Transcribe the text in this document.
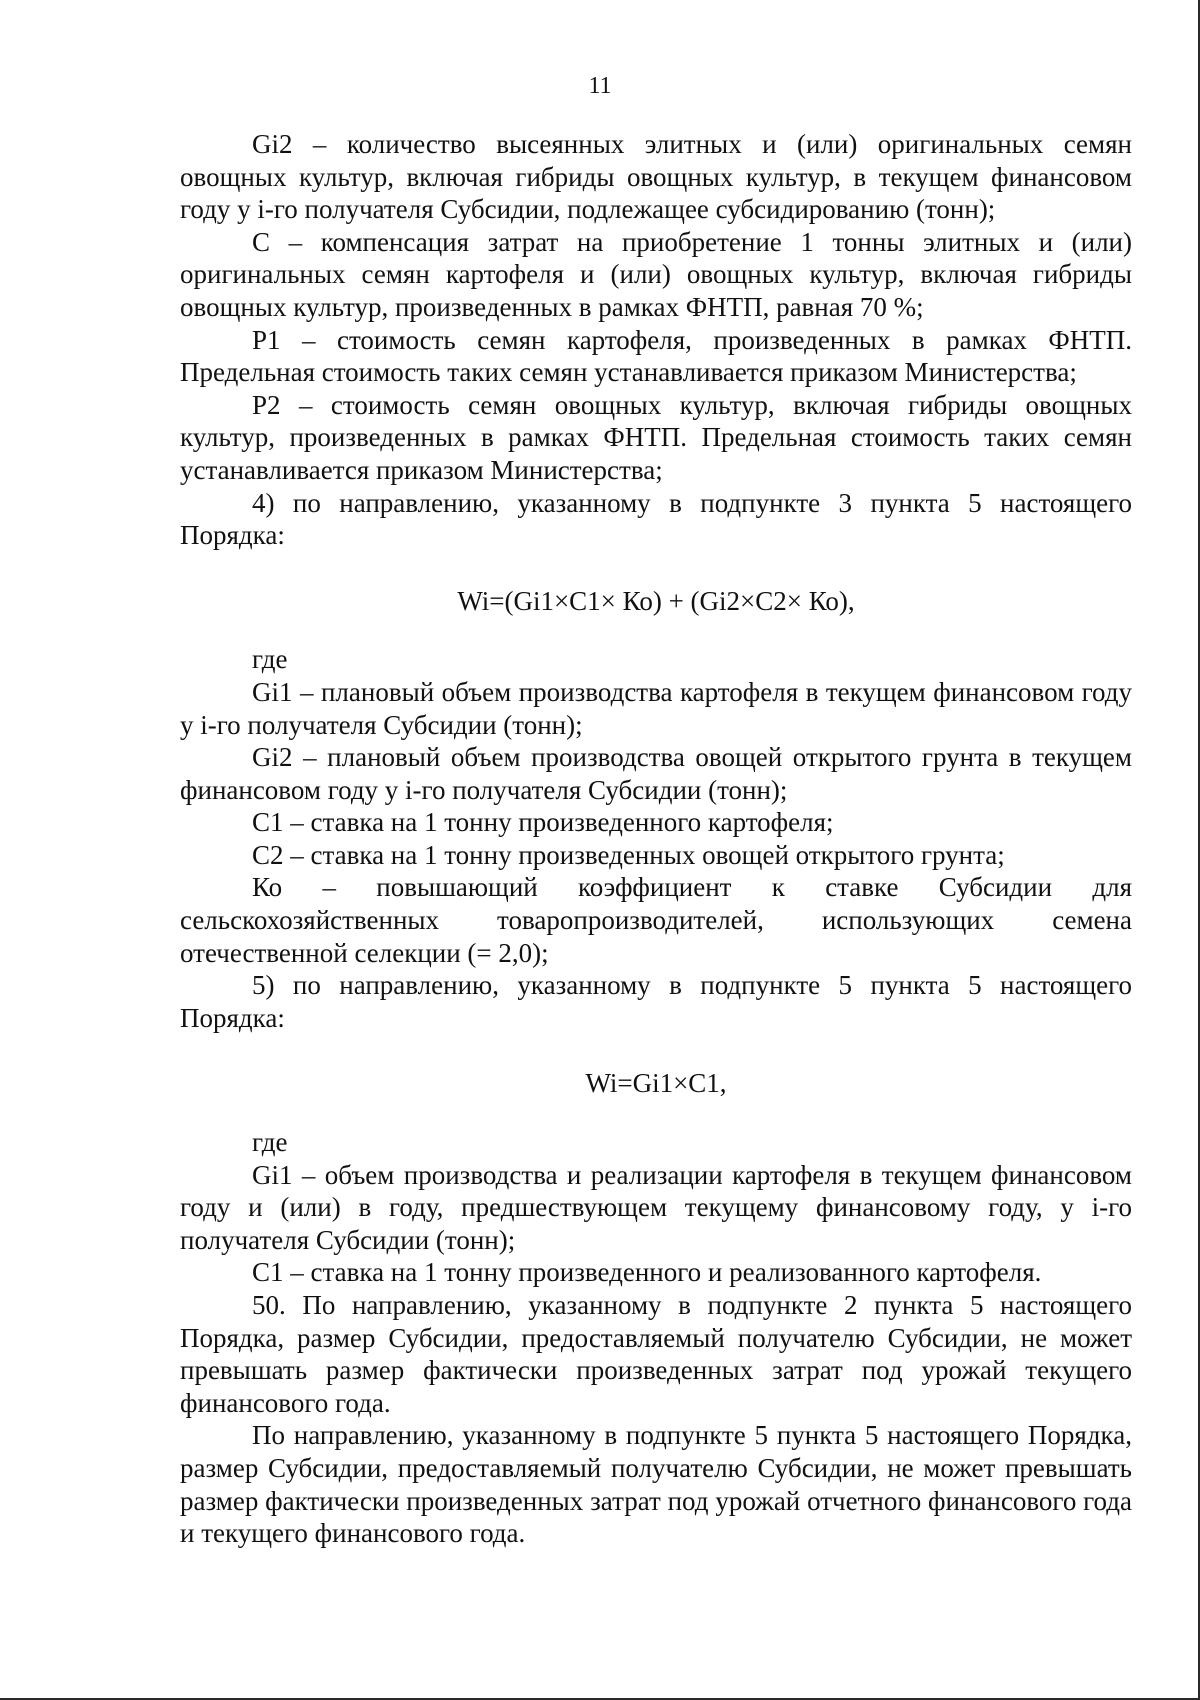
11

Gi2 – количество высеянных элитных и (или) оригинальных семян овощных культур, включая гибриды овощных культур, в текущем финансовом году у i-го получателя Субсидии, подлежащее субсидированию (тонн);

С – компенсация затрат на приобретение 1 тонны элитных и (или) оригинальных семян картофеля и (или) овощных культур, включая гибриды овощных культур, произведенных в рамках ФНТП, равная 70 %;

Р1 – стоимость семян картофеля, произведенных в рамках ФНТП. Предельная стоимость таких семян устанавливается приказом Министерства;

Р2 – стоимость семян овощных культур, включая гибриды овощных культур, произведенных в рамках ФНТП. Предельная стоимость таких семян устанавливается приказом Министерства;

4) по направлению, указанному в подпункте 3 пункта 5 настоящего Порядка:

Wi=(Gi1×С1× Ко) + (Gi2×С2× Ко),

где

Gi1 – плановый объем производства картофеля в текущем финансовом году у i-го получателя Субсидии (тонн);

Gi2 – плановый объем производства овощей открытого грунта в текущем финансовом году у i-го получателя Субсидии (тонн);

С1 – ставка на 1 тонну произведенного картофеля;

С2 – ставка на 1 тонну произведенных овощей открытого грунта;

Ко – повышающий коэффициент к ставке Субсидии для сельскохозяйственных товаропроизводителей, использующих семена отечественной селекции (= 2,0);

5) по направлению, указанному в подпункте 5 пункта 5 настоящего Порядка:

Wi=Gi1×С1,

где

Gi1 – объем производства и реализации картофеля в текущем финансовом году и (или) в году, предшествующем текущему финансовому году, у i-го получателя Субсидии (тонн);

С1 – ставка на 1 тонну произведенного и реализованного картофеля.

50. По направлению, указанному в подпункте 2 пункта 5 настоящего Порядка, размер Субсидии, предоставляемый получателю Субсидии, не может превышать размер фактически произведенных затрат под урожай текущего финансового года.

По направлению, указанному в подпункте 5 пункта 5 настоящего Порядка, размер Субсидии, предоставляемый получателю Субсидии, не может превышать размер фактически произведенных затрат под урожай отчетного финансового года и текущего финансового года.
